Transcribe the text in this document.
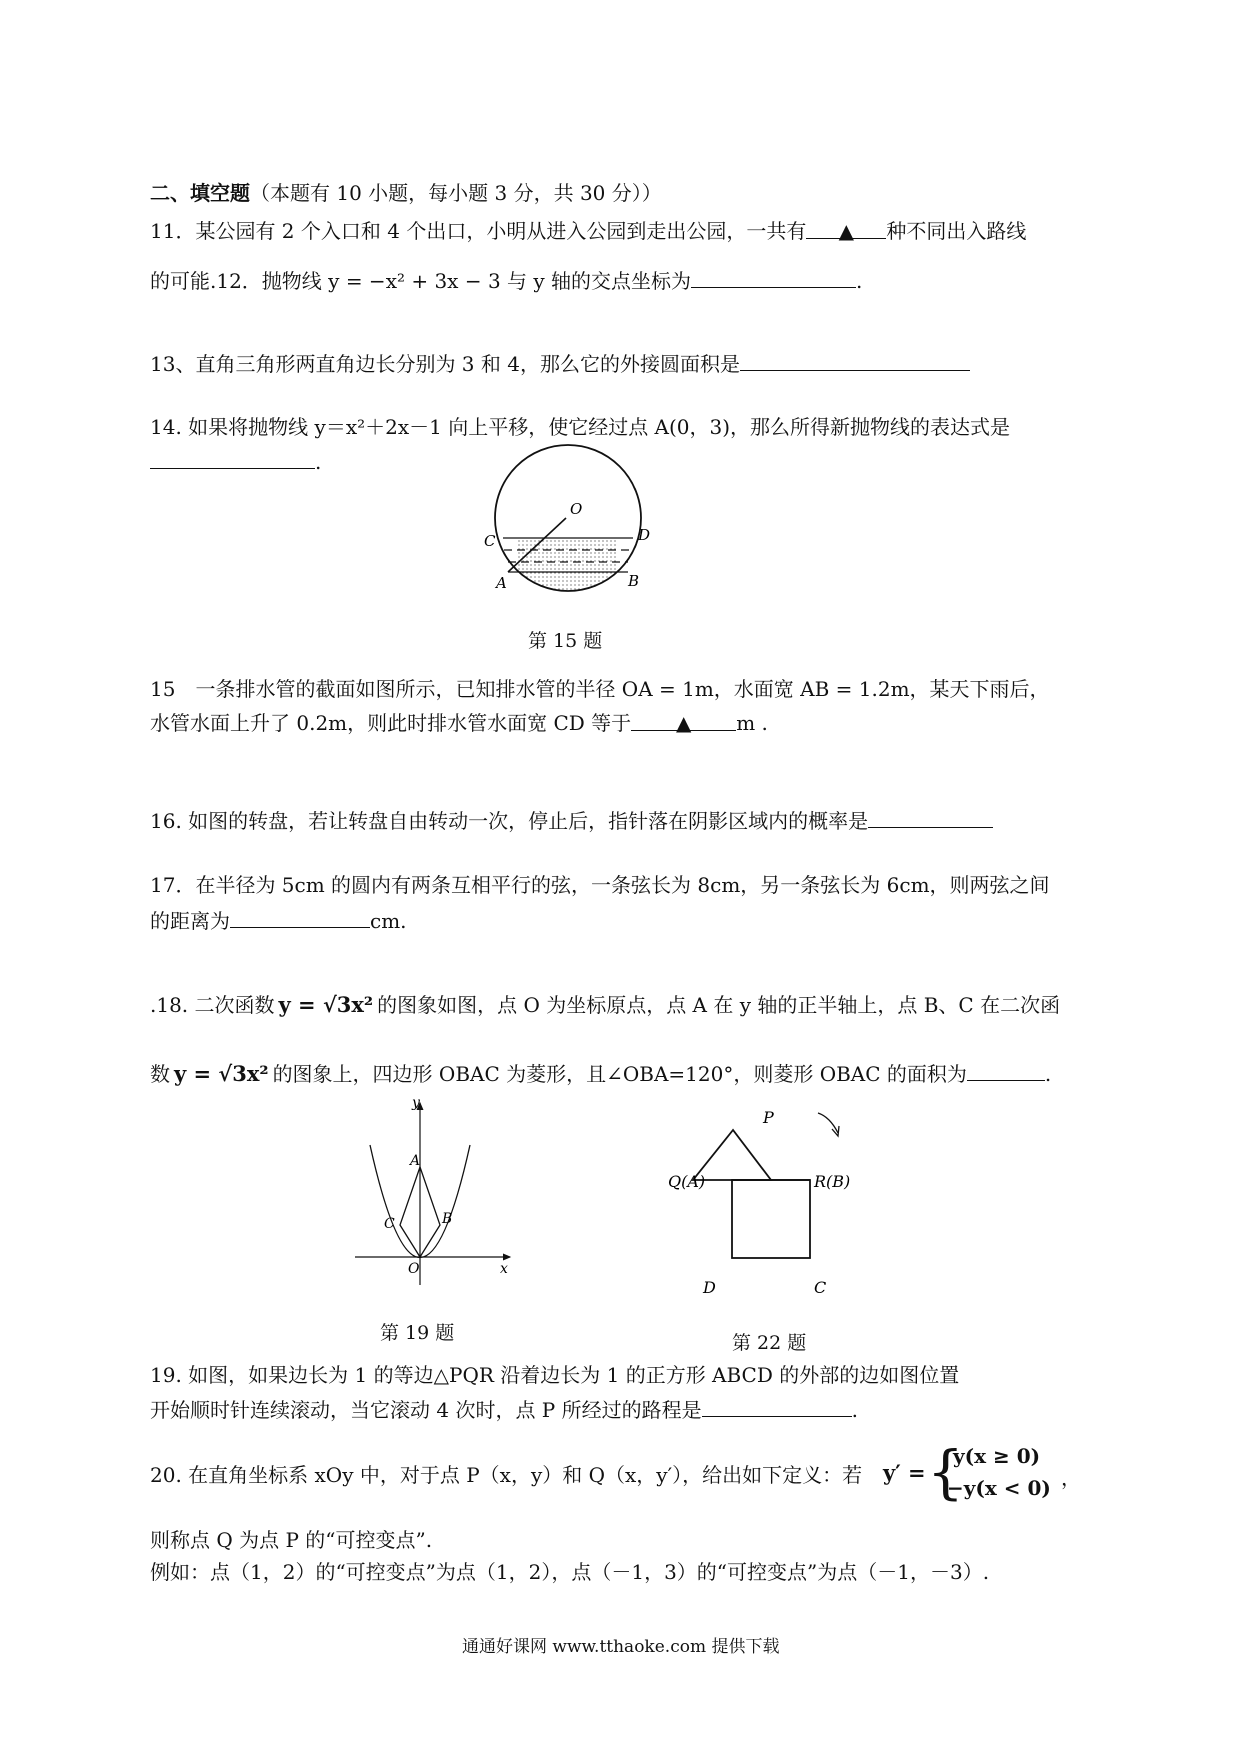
二、填空题（本题有 10 小题，每小题 3 分，共 30 分））
11．某公园有 2 个入口和 4 个出口，小明从进入公园到走出公园，一共有 ▲ 种不同出入路线
的可能.12．抛物线 y = −x² + 3x − 3 与 y 轴的交点坐标为	.
13、直角三角形两直角边长分别为 3 和 4，那么它的外接圆面积是
14. 如果将抛物线 y＝x²＋2x－1 向上平移，使它经过点 A(0，3)，那么所得新抛物线的表达式是
.
O
C	D
A	B
第 15 题
15　一条排水管的截面如图所示，已知排水管的半径 OA = 1m，水面宽 AB = 1.2m，某天下雨后，
水管水面上升了 0.2m，则此时排水管水面宽 CD 等于 ▲ m .
16. 如图的转盘，若让转盘自由转动一次，停止后，指针落在阴影区域内的概率是
17．在半径为 5cm 的圆内有两条互相平行的弦，一条弦长为 8cm，另一条弦长为 6cm，则两弦之间
的距离为	cm.
.18. 二次函数 y = √3x² 的图象如图，点 O 为坐标原点，点 A 在 y 轴的正半轴上，点 B、C 在二次函
数 y = √3x² 的图象上，四边形 OBAC 为菱形，且∠OBA=120°，则菱形 OBAC 的面积为	.
y
x
A
B
C
O
第 19 题
P
Q(A)	R(B)
D	C
第 22 题
19. 如图，如果边长为 1 的等边△PQR 沿着边长为 1 的正方形 ABCD 的外部的边如图位置
开始顺时针连续滚动，当它滚动 4 次时，点 P 所经过的路程是	.
20. 在直角坐标系 xOy 中，对于点 P（x，y）和 Q（x，y′），给出如下定义：若 y′ = {
y(x ≥ 0)
−y(x < 0) ，
则称点 Q 为点 P 的“可控变点”.
例如：点（1，2）的“可控变点”为点（1，2），点（－1，3）的“可控变点”为点（－1，－3）.
通通好课网 www.tthaoke.com 提供下载
